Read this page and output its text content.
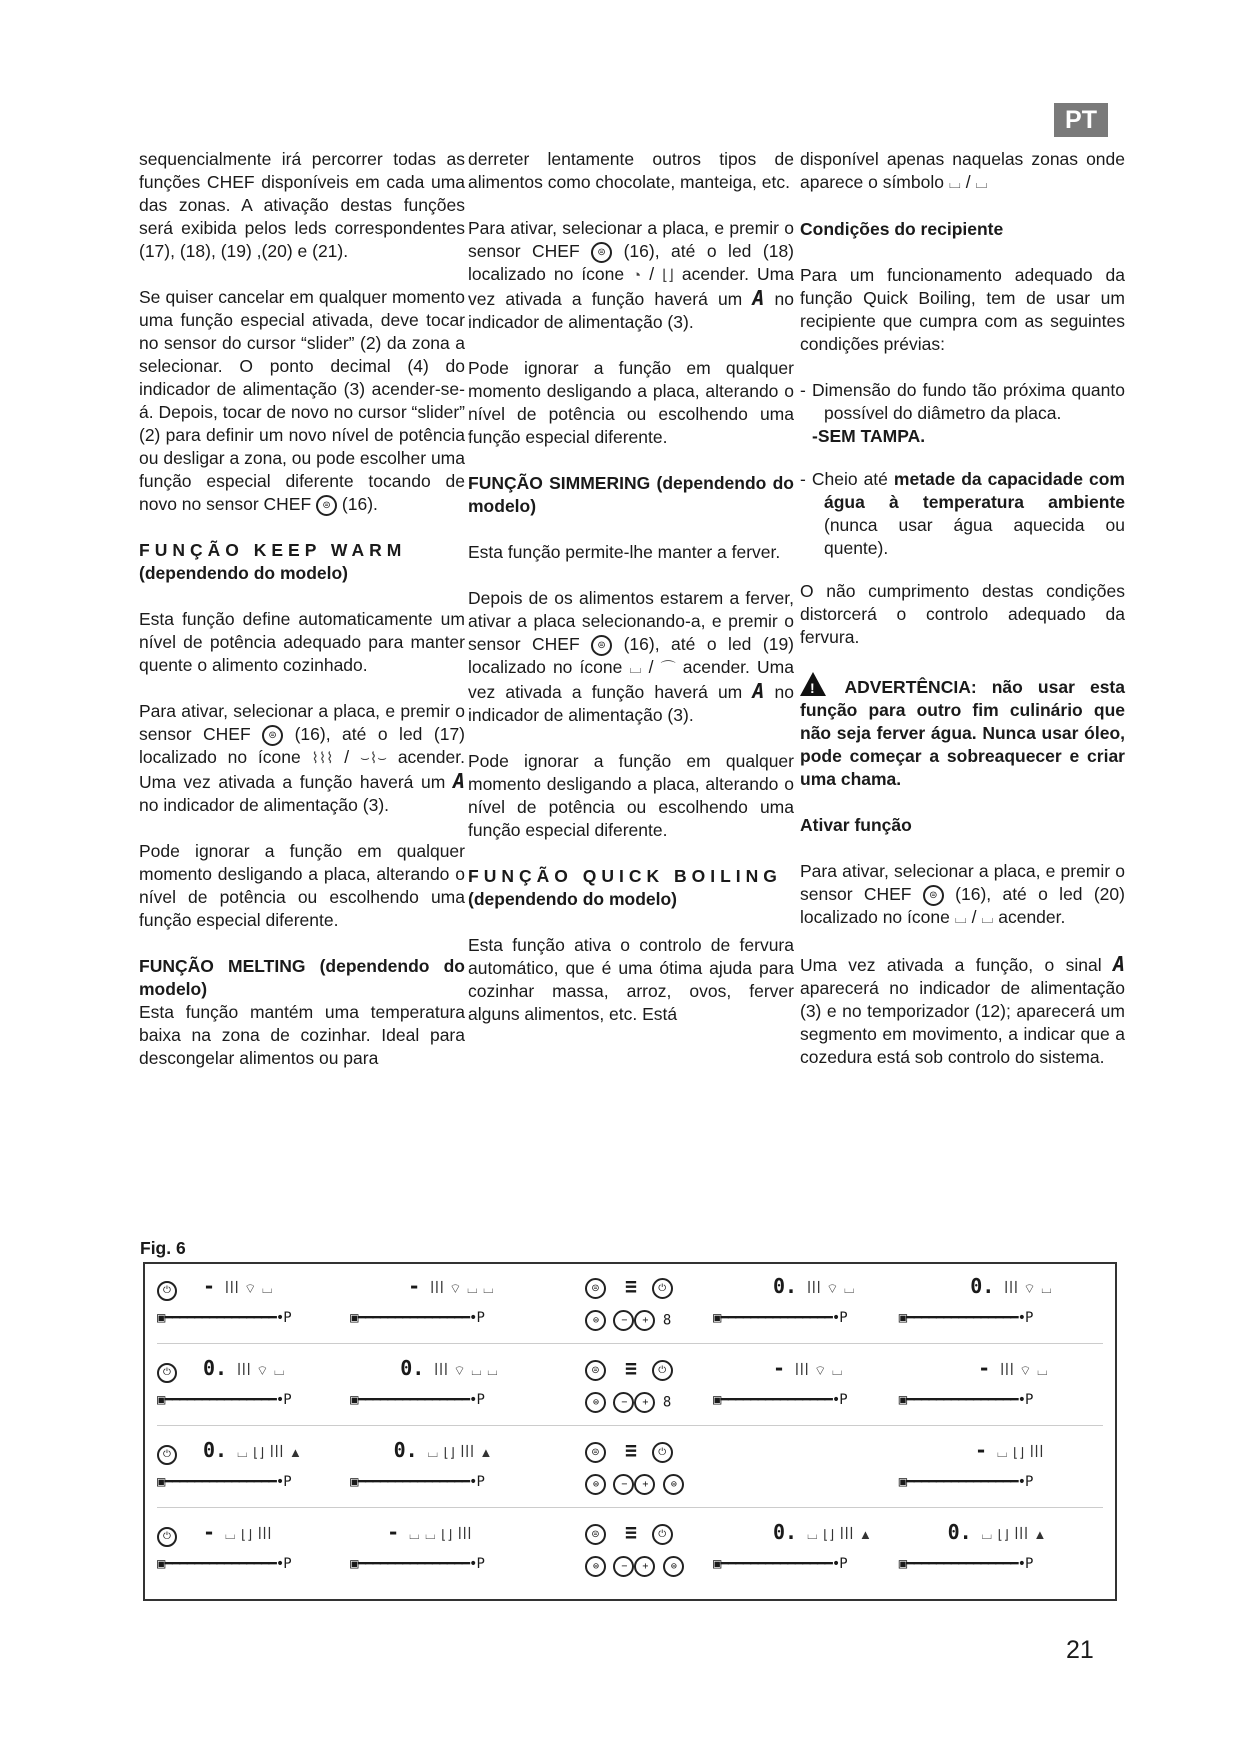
PT

sequencialmente irá percorrer todas as funções CHEF disponíveis em cada uma das zonas. A ativação destas funções será exibida pelos leds correspondentes (17), (18), (19) ,(20) e (21).

Se quiser cancelar em qualquer momento uma função especial ativada, deve tocar no sensor do cursor “slider” (2) da zona a selecionar. O ponto decimal (4) do indicador de alimentação (3) acender-se-á. Depois, tocar de novo no cursor “slider” (2) para definir um novo nível de potência ou desligar a zona, ou pode escolher uma função especial diferente tocando de novo no sensor CHEF ⊜ (16).

FUNÇÃO KEEP WARM

(dependendo do modelo)

Esta função define automaticamente um nível de potência adequado para manter quente o alimento cozinhado.

Para ativar, selecionar a placa, e premir o sensor CHEF ⊜ (16), até o led (17) localizado no ícone ⌇⌇⌇ / ⌣⌇⌣ acender. Uma vez ativada a função haverá um A no indicador de alimentação (3).

Pode ignorar a função em qualquer momento desligando a placa, alterando o nível de potência ou escolhendo uma função especial diferente.

FUNÇÃO MELTING (dependendo do modelo)

Esta função mantém uma temperatura baixa na zona de cozinhar. Ideal para descongelar alimentos ou para

derreter lentamente outros tipos de alimentos como chocolate, manteiga, etc.

Para ativar, selecionar a placa, e premir o sensor CHEF ⊜ (16), até o led (18) localizado no ícone ◔ / ⌊⌋ acender. Uma vez ativada a função haverá um A no indicador de alimentação (3).

Pode ignorar a função em qualquer momento desligando a placa, alterando o nível de potência ou escolhendo uma função especial diferente.

FUNÇÃO SIMMERING (dependendo do modelo)

Esta função permite-lhe manter a ferver.

Depois de os alimentos estarem a ferver, ativar a placa selecionando-a, e premir o sensor CHEF ⊜ (16), até o led (19) localizado no ícone ⌴ / ⌒ acender. Uma vez ativada a função haverá um A no indicador de alimentação (3).

Pode ignorar a função em qualquer momento desligando a placa, alterando o nível de potência ou escolhendo uma função especial diferente.

FUNÇÃO QUICK BOILING

(dependendo do modelo)

Esta função ativa o controlo de fervura automático, que é uma ótima ajuda para cozinhar massa, arroz, ovos, ferver alguns alimentos, etc. Está

disponível apenas naquelas zonas onde aparece o símbolo ⌴ / ⌴

Condições do recipiente

Para um funcionamento adequado da função Quick Boiling, tem de usar um recipiente que cumpra com as seguintes condições prévias:

- Dimensão do fundo tão próxima quanto possível do diâmetro da placa.
-SEM TAMPA.
- Cheio até metade da capacidade com água à temperatura ambiente (nunca usar água aquecida ou quente).

O não cumprimento destas condições distorcerá o controlo adequado da fervura.

! ADVERTÊNCIA: não usar esta função para outro fim culinário que não seja ferver água. Nunca usar óleo, pode começar a sobreaquecer e criar uma chama.

Ativar função

Para ativar, selecionar a placa, e premir o sensor CHEF ⊜ (16), até o led (20) localizado no ícone ⌴ / ⌴ acender.

Uma vez ativada a função, o sinal A aparecerá no indicador de alimentação (3) e no temporizador (12); aparecerá um segmento em movimento, a indicar que a cozedura está sob controlo do sistema.

Fig. 6
⏻ - ꟾꟾꟾ ⌔ ⌴	- ꟾꟾꟾ ⌔ ⌴ ⌴
▣━━━━━━━━━━━━━━━•P	▣━━━━━━━━━━━━━━━•P
⊜ ≡ ⏻
⊜ − + 8
0. ꟾꟾꟾ ⌔ ⌴	0. ꟾꟾꟾ ⌔ ⌴
▣━━━━━━━━━━━━━━━•P	▣━━━━━━━━━━━━━━━•P
⏻ 0. ꟾꟾꟾ ⌔ ⌴	0. ꟾꟾꟾ ⌔ ⌴ ⌴
▣━━━━━━━━━━━━━━━•P	▣━━━━━━━━━━━━━━━•P
⊜ ≡ ⏻
⊜ − + 8
- ꟾꟾꟾ ⌔ ⌴	- ꟾꟾꟾ ⌔ ⌴
▣━━━━━━━━━━━━━━━•P	▣━━━━━━━━━━━━━━━•P
⏻ 0. ⌴ ⌊⌋ ꟾꟾꟾ ▲	0. ⌴ ⌊⌋ ꟾꟾꟾ ▲
▣━━━━━━━━━━━━━━━•P	▣━━━━━━━━━━━━━━━•P
⊜ ≡ ⏻
⊜ − + ⊜
- ⌴ ⌊⌋ ꟾꟾꟾ
▣━━━━━━━━━━━━━━━•P
⏻ - ⌴ ⌊⌋ ꟾꟾꟾ	- ⌴ ⌴ ⌊⌋ ꟾꟾꟾ
▣━━━━━━━━━━━━━━━•P	▣━━━━━━━━━━━━━━━•P
⊜ ≡ ⏻
⊜ − + ⊜
0. ⌴ ⌊⌋ ꟾꟾꟾ ▲	0. ⌴ ⌊⌋ ꟾꟾꟾ ▲
▣━━━━━━━━━━━━━━━•P	▣━━━━━━━━━━━━━━━•P
21
